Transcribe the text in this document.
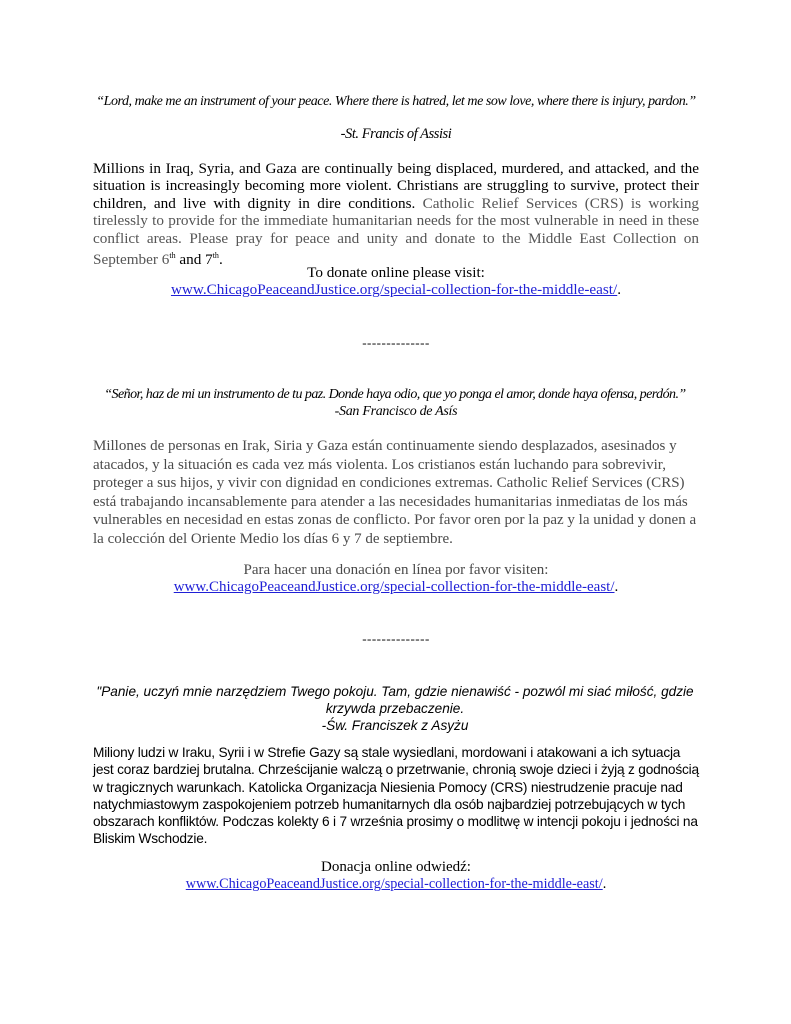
“Lord, make me an instrument of your peace. Where there is hatred, let me sow love, where there is injury, pardon.”
-St. Francis of Assisi
Millions in Iraq, Syria, and Gaza are continually being displaced, murdered, and attacked, and the situation is increasingly becoming more violent. Christians are struggling to survive, protect their children, and live with dignity in dire conditions. Catholic Relief Services (CRS) is working tirelessly to provide for the immediate humanitarian needs for the most vulnerable in need in these conflict areas. Please pray for peace and unity and donate to the Middle East Collection on September 6th and 7th.
To donate online please visit:
www.ChicagoPeaceandJustice.org/special-collection-for-the-middle-east/.
--------------
“Señor, haz de mi un instrumento de tu paz. Donde haya odio, que yo ponga el amor, donde haya ofensa, perdón.”
-San Francisco de Asís
Millones de personas en Irak, Siria y Gaza están continuamente siendo desplazados, asesinados y atacados, y la situación es cada vez más violenta. Los cristianos están luchando para sobrevivir, proteger a sus hijos, y vivir con dignidad en condiciones extremas. Catholic Relief Services (CRS) está trabajando incansablemente para atender a las necesidades humanitarias inmediatas de los más vulnerables en necesidad en estas zonas de conflicto. Por favor oren por la paz y la unidad y donen a la colección del Oriente Medio los días 6 y 7 de septiembre.
Para hacer una donación en línea por favor visiten:
www.ChicagoPeaceandJustice.org/special-collection-for-the-middle-east/.
--------------
"Panie, uczyń mnie narzędziem Twego pokoju. Tam, gdzie nienawiść - pozwól mi siać miłość, gdzie
krzywda przebaczenie.
-Św. Franciszek z Asyżu
Miliony ludzi w Iraku, Syrii i w Strefie Gazy są stale wysiedlani, mordowani i atakowani a ich sytuacja jest coraz bardziej brutalna. Chrześcijanie walczą o przetrwanie, chronią swoje dzieci i żyją z godnością w tragicznych warunkach. Katolicka Organizacja Niesienia Pomocy (CRS) niestrudzenie pracuje nad natychmiastowym zaspokojeniem potrzeb humanitarnych dla osób najbardziej potrzebujących w tych obszarach konfliktów. Podczas kolekty 6 i 7 września prosimy o modlitwę w intencji pokoju i jedności na Bliskim Wschodzie.
Donacja online odwiedź:
www.ChicagoPeaceandJustice.org/special-collection-for-the-middle-east/.
